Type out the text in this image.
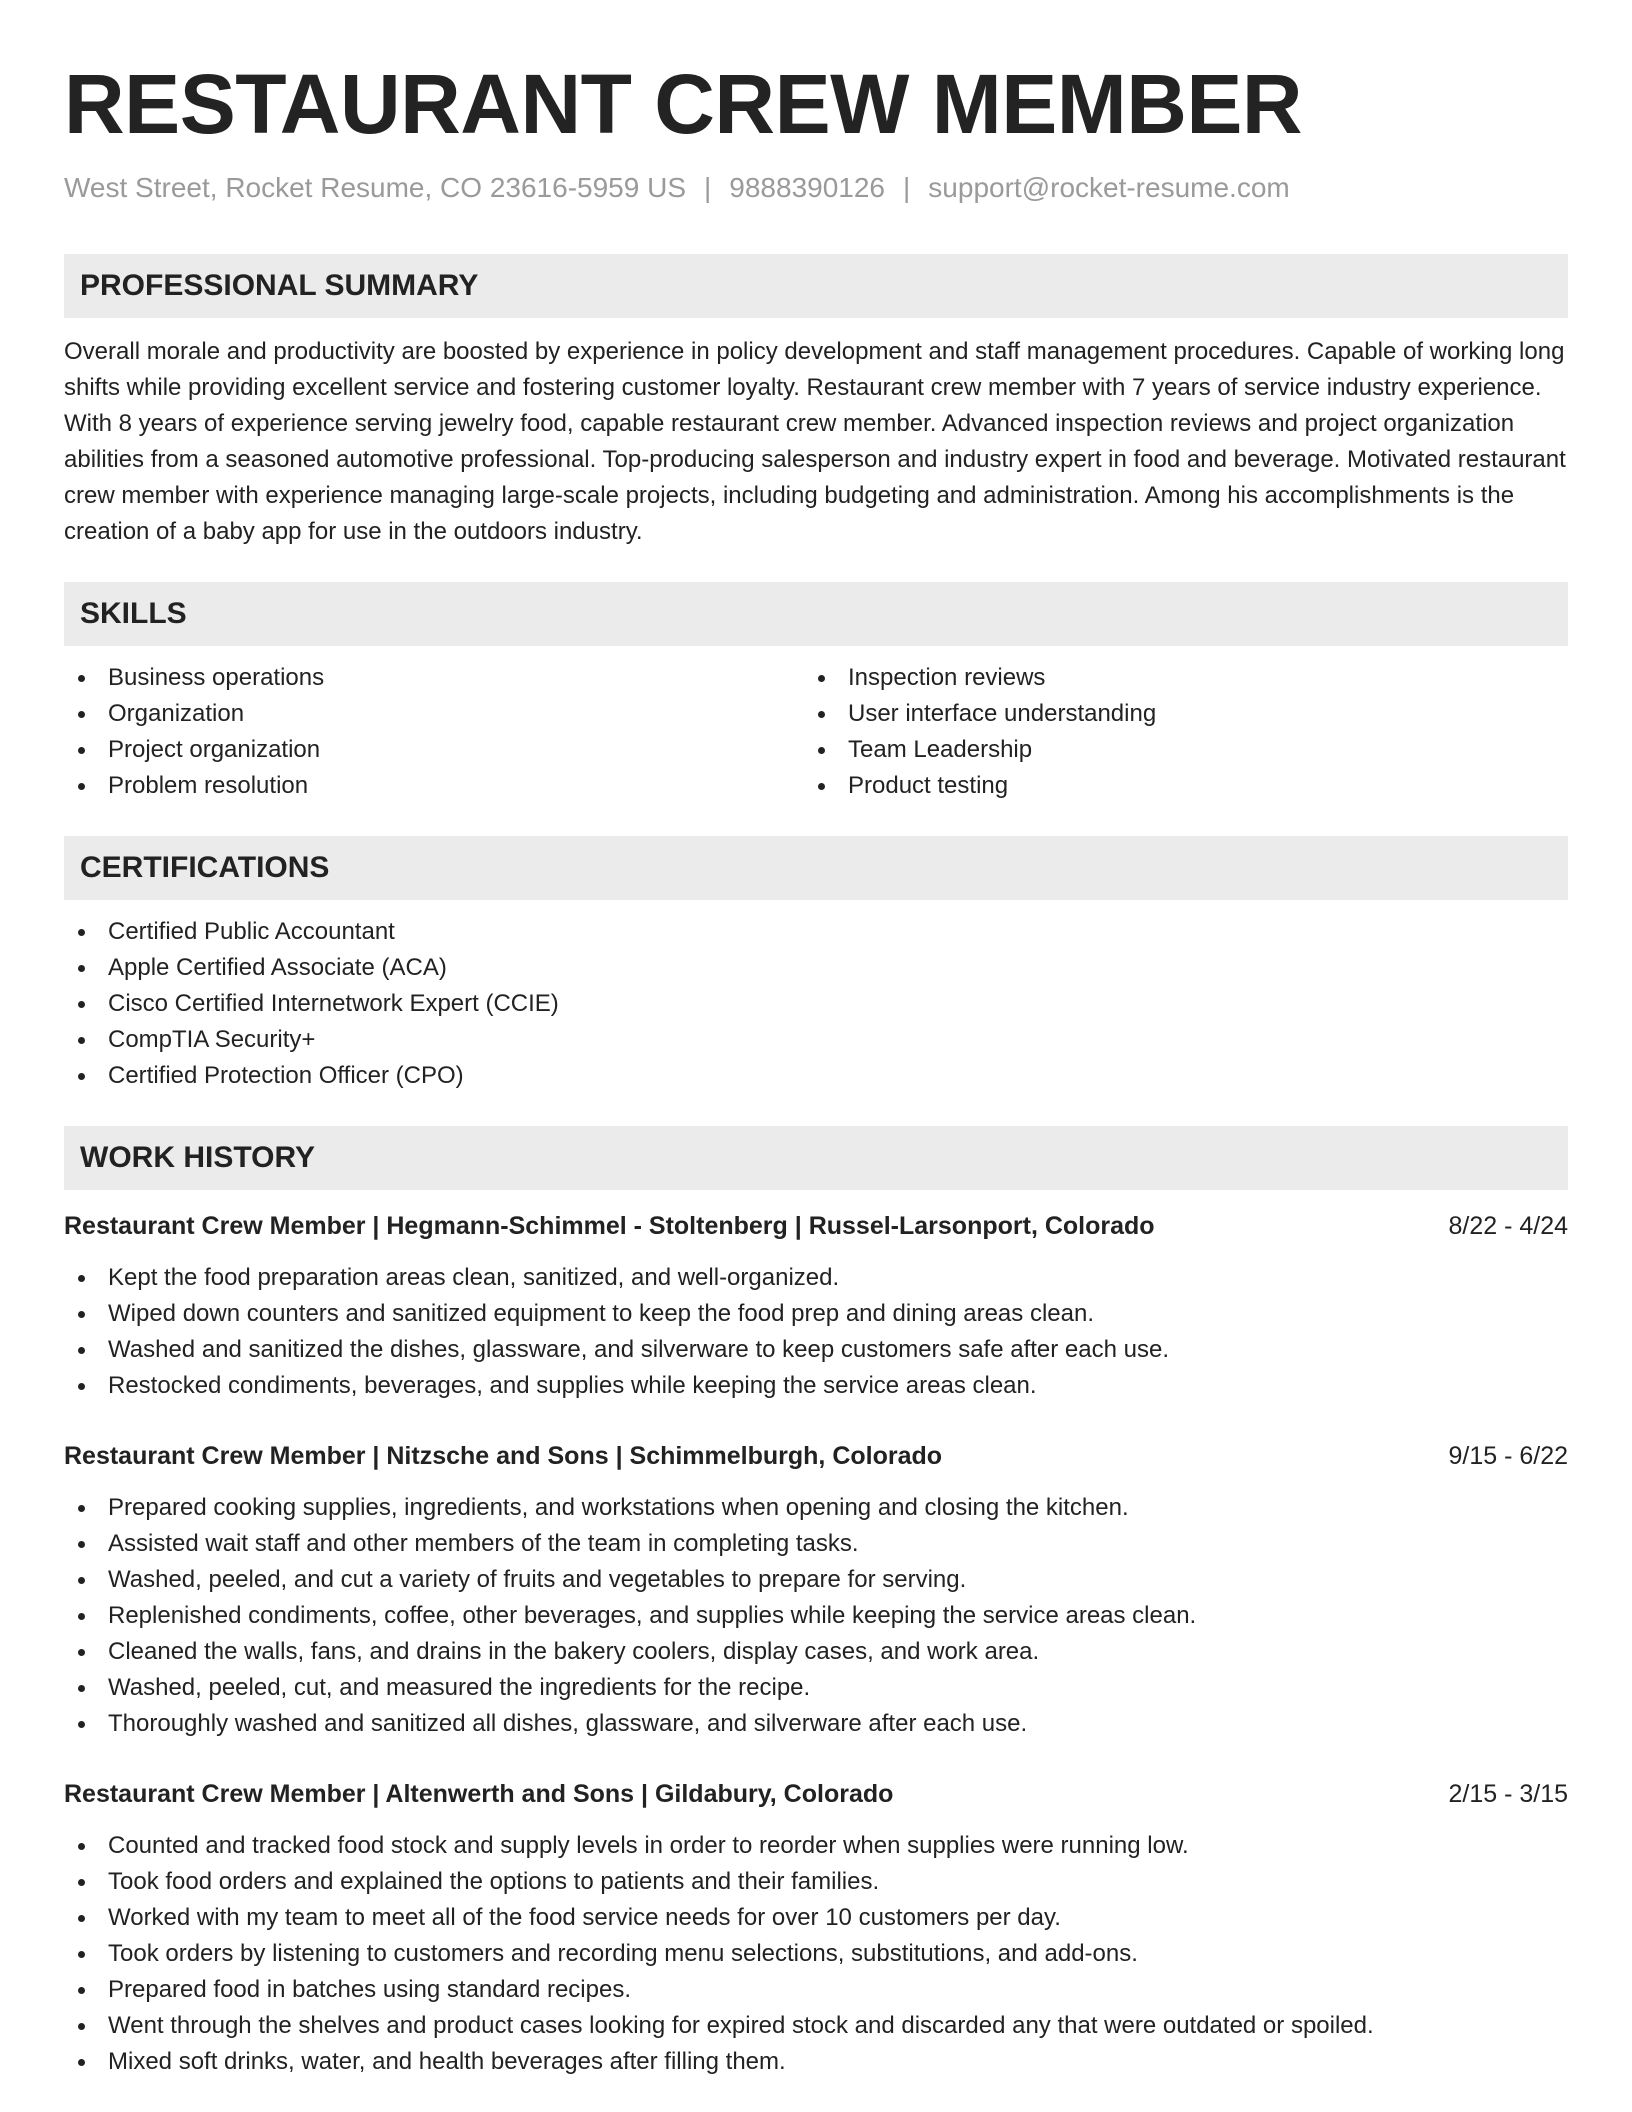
RESTAURANT CREW MEMBER
West Street, Rocket Resume, CO 23616-5959 US | 9888390126 | support@rocket-resume.com
PROFESSIONAL SUMMARY

Overall morale and productivity are boosted by experience in policy development and staff management procedures. Capable of working long shifts while providing excellent service and fostering customer loyalty. Restaurant crew member with 7 years of service industry experience. With 8 years of experience serving jewelry food, capable restaurant crew member. Advanced inspection reviews and project organization abilities from a seasoned automotive professional. Top-producing salesperson and industry expert in food and beverage. Motivated restaurant crew member with experience managing large-scale projects, including budgeting and administration. Among his accomplishments is the creation of a baby app for use in the outdoors industry.

SKILLS
Business operations
Organization
Project organization
Problem resolution
Inspection reviews
User interface understanding
Team Leadership
Product testing
CERTIFICATIONS
Certified Public Accountant
Apple Certified Associate (ACA)
Cisco Certified Internetwork Expert (CCIE)
CompTIA Security+
Certified Protection Officer (CPO)
WORK HISTORY
Restaurant Crew Member | Hegmann-Schimmel - Stoltenberg | Russel-Larsonport, Colorado	8/22 - 4/24
Kept the food preparation areas clean, sanitized, and well-organized.
Wiped down counters and sanitized equipment to keep the food prep and dining areas clean.
Washed and sanitized the dishes, glassware, and silverware to keep customers safe after each use.
Restocked condiments, beverages, and supplies while keeping the service areas clean.
Restaurant Crew Member | Nitzsche and Sons | Schimmelburgh, Colorado	9/15 - 6/22
Prepared cooking supplies, ingredients, and workstations when opening and closing the kitchen.
Assisted wait staff and other members of the team in completing tasks.
Washed, peeled, and cut a variety of fruits and vegetables to prepare for serving.
Replenished condiments, coffee, other beverages, and supplies while keeping the service areas clean.
Cleaned the walls, fans, and drains in the bakery coolers, display cases, and work area.
Washed, peeled, cut, and measured the ingredients for the recipe.
Thoroughly washed and sanitized all dishes, glassware, and silverware after each use.
Restaurant Crew Member | Altenwerth and Sons | Gildabury, Colorado	2/15 - 3/15
Counted and tracked food stock and supply levels in order to reorder when supplies were running low.
Took food orders and explained the options to patients and their families.
Worked with my team to meet all of the food service needs for over 10 customers per day.
Took orders by listening to customers and recording menu selections, substitutions, and add-ons.
Prepared food in batches using standard recipes.
Went through the shelves and product cases looking for expired stock and discarded any that were outdated or spoiled.
Mixed soft drinks, water, and health beverages after filling them.
